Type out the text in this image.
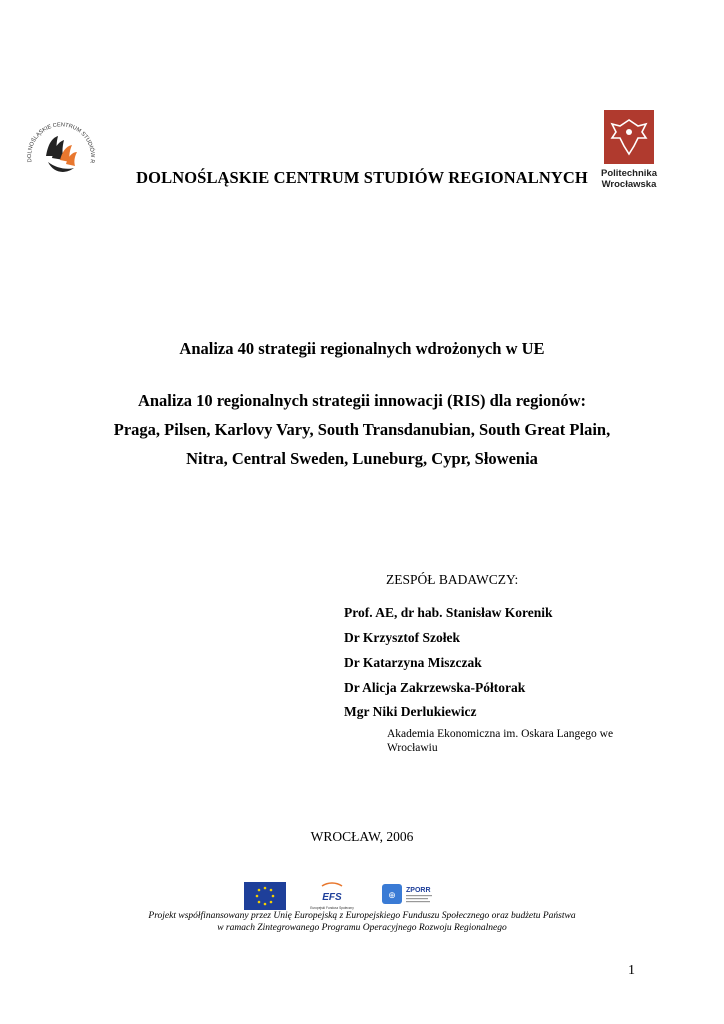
DOLNOŚLĄSKIE CENTRUM STUDIÓW R
Politechnika
Wrocławska
DOLNOŚLĄSKIE CENTRUM STUDIÓW REGIONALNYCH
Analiza 40 strategii regionalnych wdrożonych w UE
Analiza 10 regionalnych strategii innowacji (RIS) dla regionów:
Praga, Pilsen, Karlovy Vary, South Transdanubian, South Great Plain,
Nitra, Central Sweden, Luneburg, Cypr, Słowenia
ZESPÓŁ BADAWCZY:
Prof. AE, dr hab. Stanisław Korenik
Dr Krzysztof Szołek
Dr Katarzyna Miszczak
Dr Alicja Zakrzewska-Półtorak
Mgr Niki Derlukiewicz
Akademia Ekonomiczna im. Oskara Langego we
Wrocławiu
WROCŁAW, 2006
EFS
Europejski Fundusz Społeczny
⊕ ZPORR
Projekt współfinansowany przez Unię Europejską z Europejskiego Funduszu Społecznego oraz budżetu Państwa
w ramach Zintegrowanego Programu Operacyjnego Rozwoju Regionalnego
1
